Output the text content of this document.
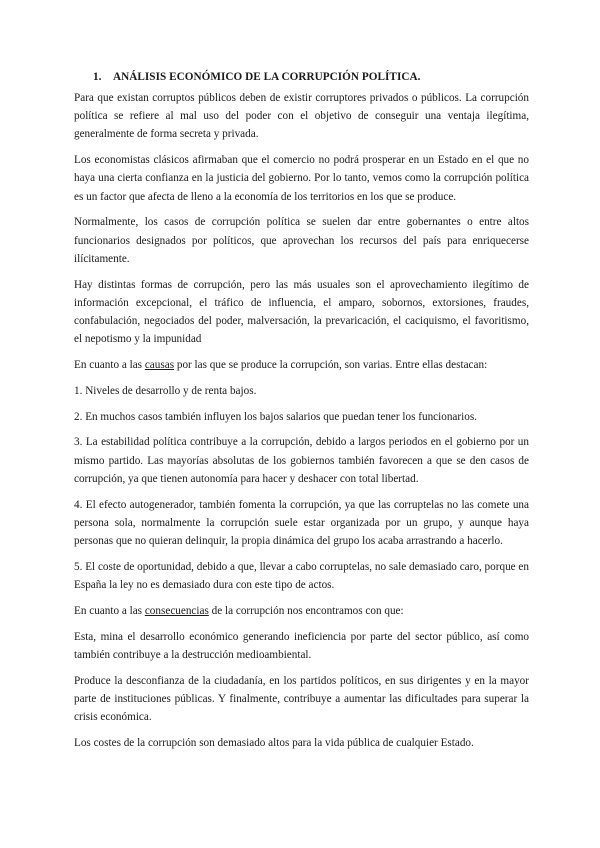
1. ANÁLISIS ECONÓMICO DE LA CORRUPCIÓN POLÍTICA.

Para que existan corruptos públicos deben de existir corruptores privados o públicos. La corrupción política se refiere al mal uso del poder con el objetivo de conseguir una ventaja ilegítima, generalmente de forma secreta y privada.

Los economistas clásicos afirmaban que el comercio no podrá prosperar en un Estado en el que no haya una cierta confianza en la justicia del gobierno. Por lo tanto, vemos como la corrupción política es un factor que afecta de lleno a la economía de los territorios en los que se produce.

Normalmente, los casos de corrupción política se suelen dar entre gobernantes o entre altos funcionarios designados por políticos, que aprovechan los recursos del país para enriquecerse ilícitamente.

Hay distintas formas de corrupción, pero las más usuales son el aprovechamiento ilegítimo de información excepcional, el tráfico de influencia, el amparo, sobornos, extorsiones, fraudes, confabulación, negociados del poder, malversación, la prevaricación, el caciquismo, el favoritismo, el nepotismo y la impunidad

En cuanto a las causas por las que se produce la corrupción, son varias. Entre ellas destacan:

1. Niveles de desarrollo y de renta bajos.

2. En muchos casos también influyen los bajos salarios que puedan tener los funcionarios.

3. La estabilidad política contribuye a la corrupción, debido a largos periodos en el gobierno por un mismo partido. Las mayorías absolutas de los gobiernos también favorecen a que se den casos de corrupción, ya que tienen autonomía para hacer y deshacer con total libertad.

4. El efecto autogenerador, también fomenta la corrupción, ya que las corruptelas no las comete una persona sola, normalmente la corrupción suele estar organizada por un grupo, y aunque haya personas que no quieran delinquir, la propia dinámica del grupo los acaba arrastrando a hacerlo.

5. El coste de oportunidad, debido a que, llevar a cabo corruptelas, no sale demasiado caro, porque en España la ley no es demasiado dura con este tipo de actos.

En cuanto a las consecuencias de la corrupción nos encontramos con que:

Esta, mina el desarrollo económico generando ineficiencia por parte del sector público, así como también contribuye a la destrucción medioambiental.

Produce la desconfianza de la ciudadanía, en los partidos políticos, en sus dirigentes y en la mayor parte de instituciones públicas. Y finalmente, contribuye a aumentar las dificultades para superar la crisis económica.

Los costes de la corrupción son demasiado altos para la vida pública de cualquier Estado.
